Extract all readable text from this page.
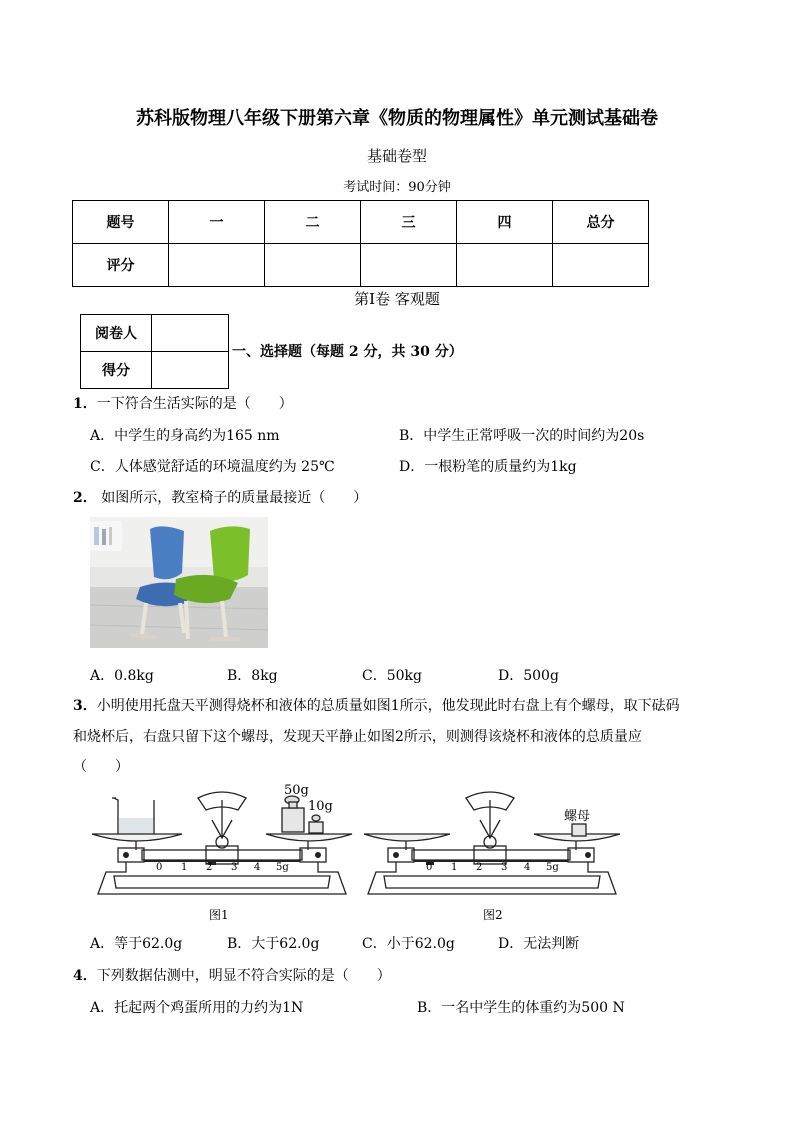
苏科版物理八年级下册第六章《物质的物理属性》单元测试基础卷
基础卷型
考试时间：90分钟
题号	一	二	三	四	总分
评分					
第Ⅰ卷 客观题
阅卷人	
得分	
一、选择题（每题 2 分，共 30 分）
1．一下符合生活实际的是（　　）
A．中学生的身高约为165 nm	B．中学生正常呼吸一次的时间约为20s
C．人体感觉舒适的环境温度约为 25℃	D．一根粉笔的质量约为1kg
2． 如图所示，教室椅子的质量最接近（　　）
A．0.8kg	B．8kg	C．50kg	D．500g
3．小明使用托盘天平测得烧杯和液体的总质量如图1所示，他发现此时右盘上有个螺母，取下砝码
和烧杯后，右盘只留下这个螺母，发现天平静止如图2所示，则测得该烧杯和液体的总质量应
（　　）
0 1 2 3 4 5g
50g
10g
图1
0 1 2 3 4 5g
螺母
图2
A．等于62.0g	B．大于62.0g	C．小于62.0g	D．无法判断
4．下列数据估测中，明显不符合实际的是（　　）
A．托起两个鸡蛋所用的力约为1N	B．一名中学生的体重约为500 N
